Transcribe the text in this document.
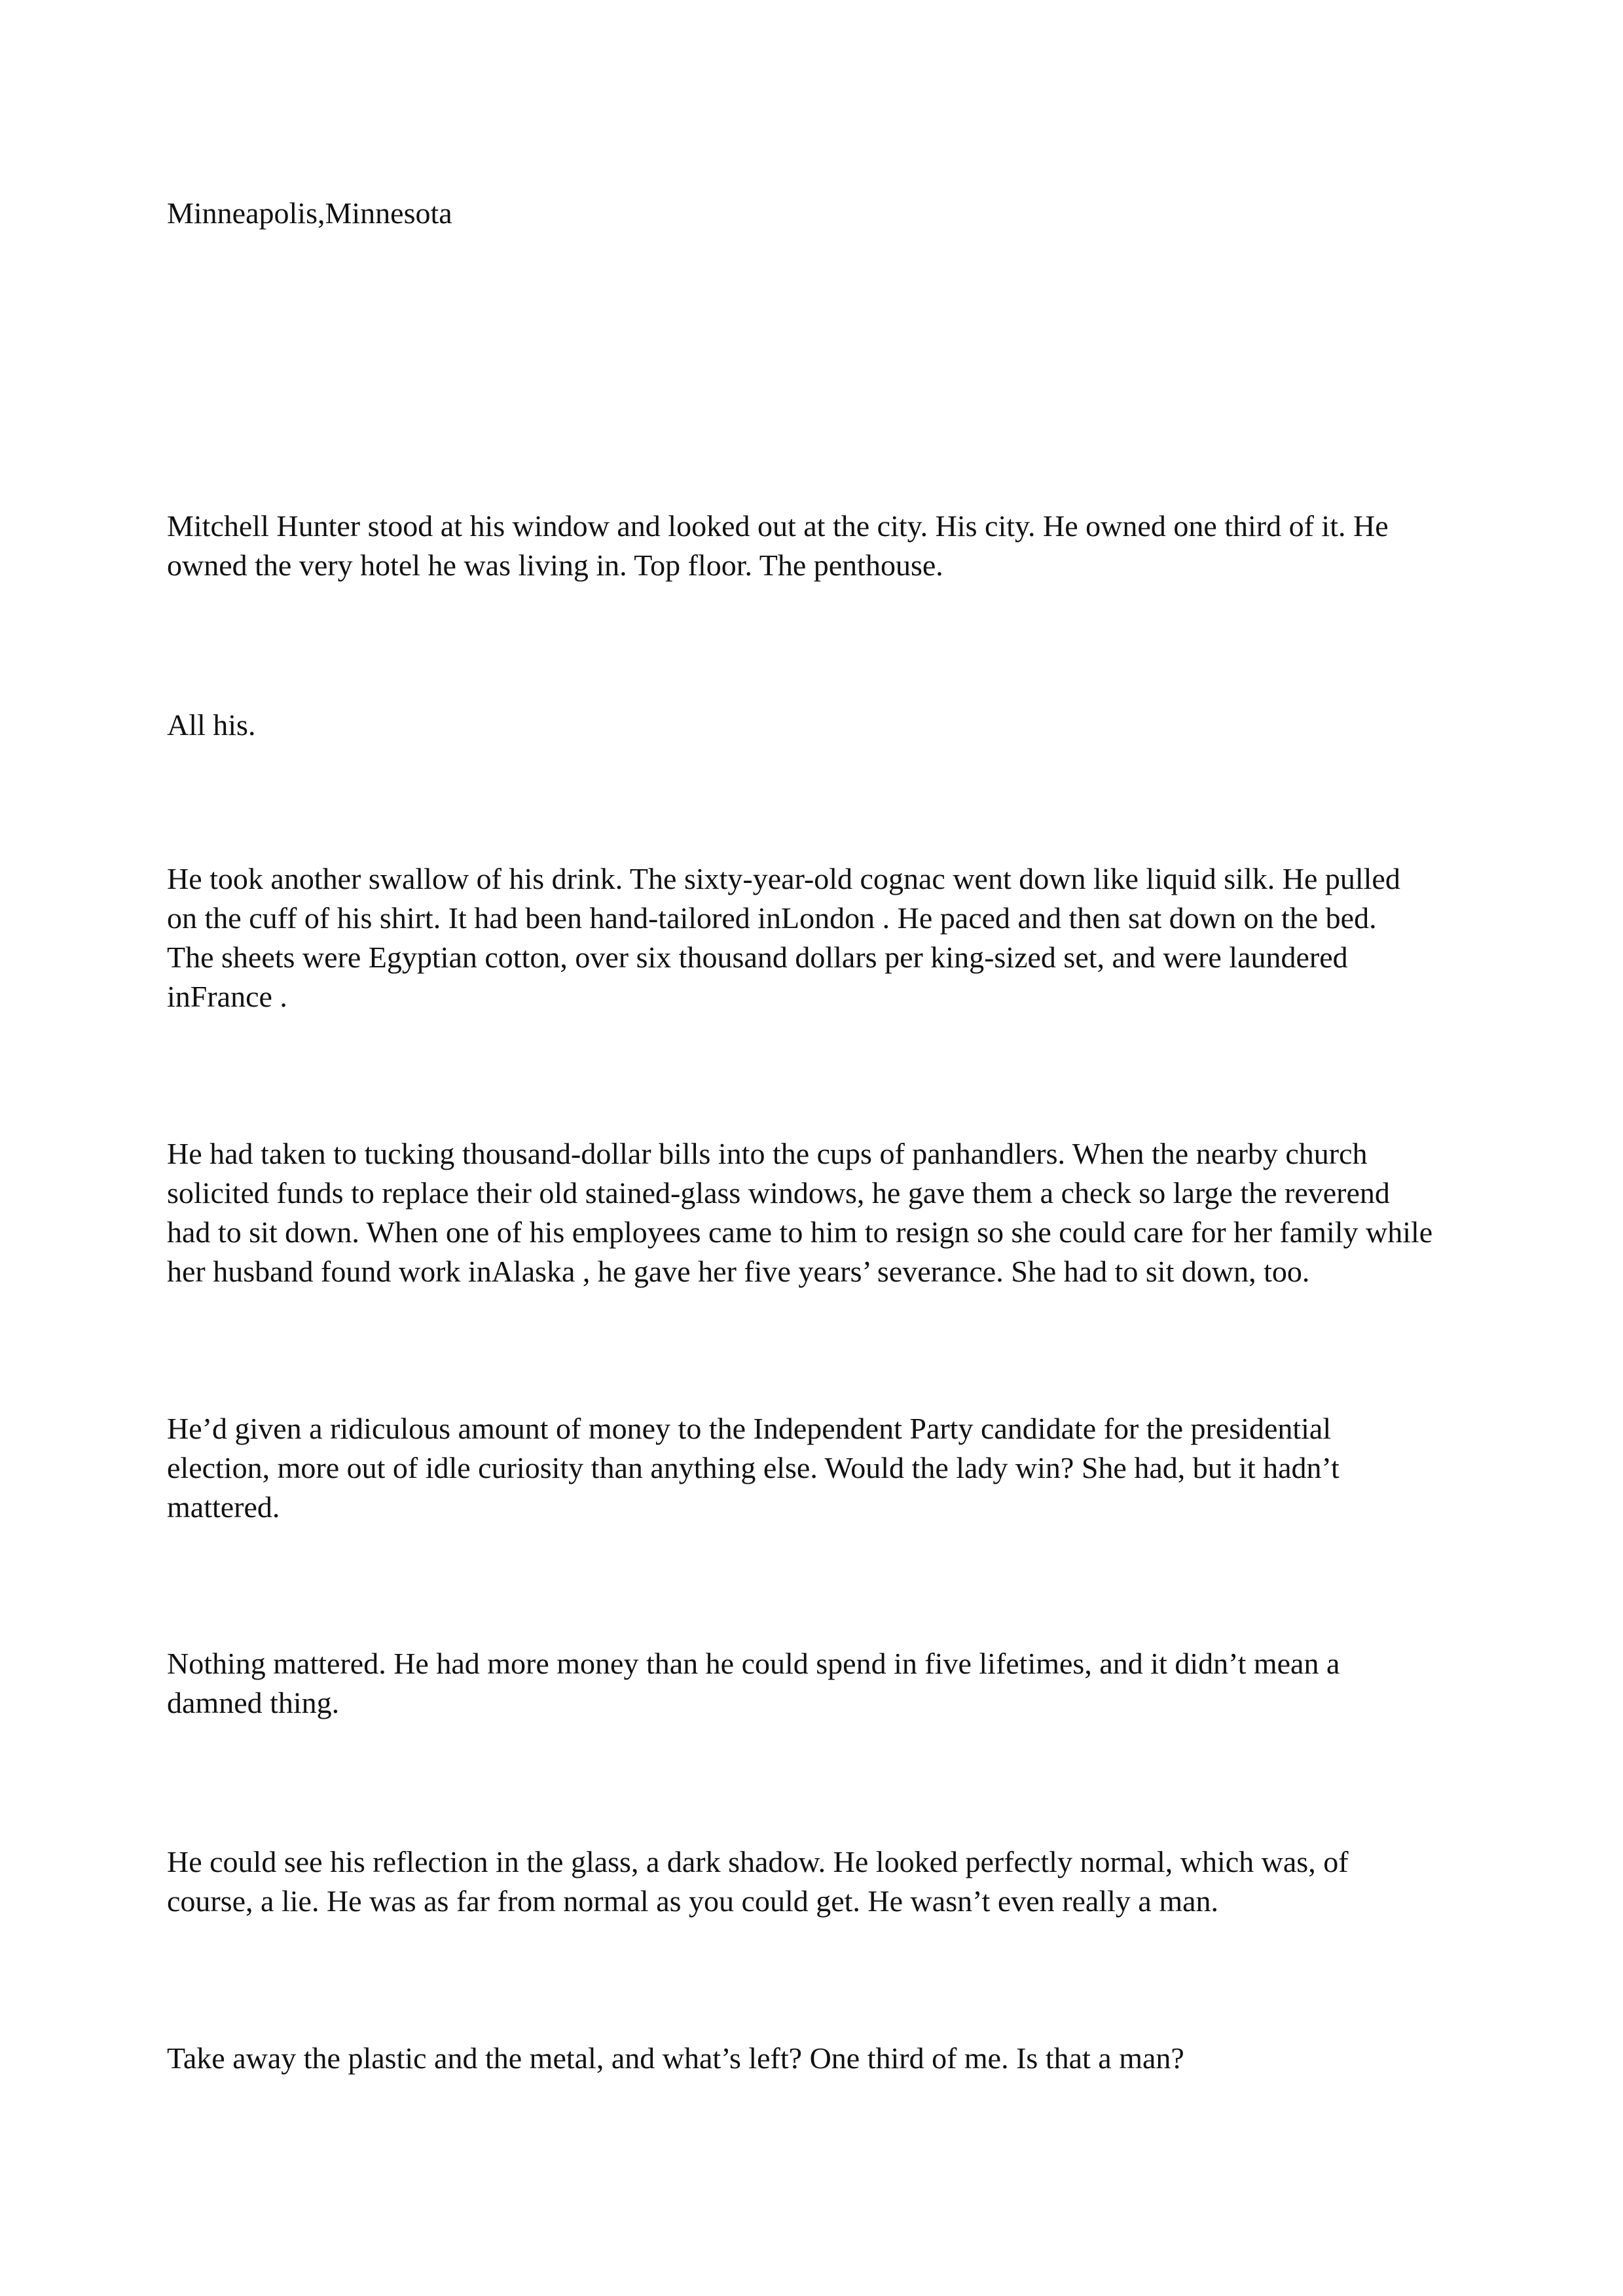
Minneapolis,Minnesota

Mitchell Hunter stood at his window and looked out at the city. His city. He owned one third of it. He
owned the very hotel he was living in. Top floor. The penthouse.

All his.

He took another swallow of his drink. The sixty-year-old cognac went down like liquid silk. He pulled
on the cuff of his shirt. It had been hand-tailored inLondon . He paced and then sat down on the bed.
The sheets were Egyptian cotton, over six thousand dollars per king-sized set, and were laundered
inFrance .

He had taken to tucking thousand-dollar bills into the cups of panhandlers. When the nearby church
solicited funds to replace their old stained-glass windows, he gave them a check so large the reverend
had to sit down. When one of his employees came to him to resign so she could care for her family while
her husband found work inAlaska , he gave her five years’ severance. She had to sit down, too.

He’d given a ridiculous amount of money to the Independent Party candidate for the presidential
election, more out of idle curiosity than anything else. Would the lady win? She had, but it hadn’t
mattered.

Nothing mattered. He had more money than he could spend in five lifetimes, and it didn’t mean a
damned thing.

He could see his reflection in the glass, a dark shadow. He looked perfectly normal, which was, of
course, a lie. He was as far from normal as you could get. He wasn’t even really a man.

Take away the plastic and the metal, and what’s left? One third of me. Is that a man?
